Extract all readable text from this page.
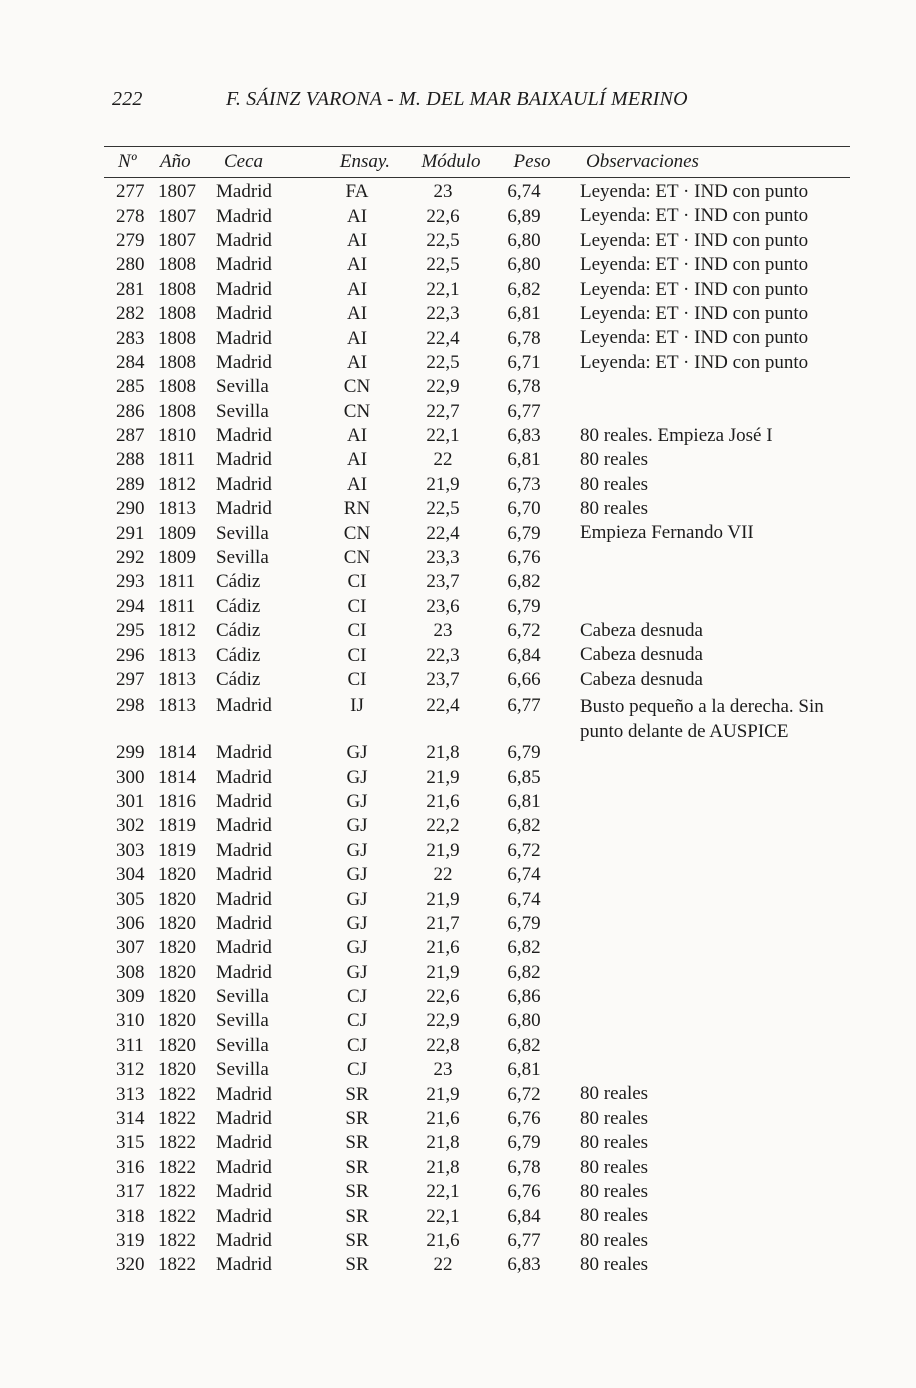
222	F. SÁINZ VARONA - M. DEL MAR BAIXAULÍ MERINO
Nº	Año	Ceca	Ensay.	Módulo	Peso	Observaciones
277 1807	Madrid	FA	23	6,74	Leyenda: ET · IND con punto
278 1807	Madrid	AI	22,6	6,89	Leyenda: ET · IND con punto
279 1807	Madrid	AI	22,5	6,80	Leyenda: ET · IND con punto
280 1808	Madrid	AI	22,5	6,80	Leyenda: ET · IND con punto
281 1808	Madrid	AI	22,1	6,82	Leyenda: ET · IND con punto
282 1808	Madrid	AI	22,3	6,81	Leyenda: ET · IND con punto
283 1808	Madrid	AI	22,4	6,78	Leyenda: ET · IND con punto
284 1808	Madrid	AI	22,5	6,71	Leyenda: ET · IND con punto
285 1808	Sevilla	CN	22,9	6,78
286 1808	Sevilla	CN	22,7	6,77
287 1810	Madrid	AI	22,1	6,83	80 reales. Empieza José I
288 1811	Madrid	AI	22	6,81	80 reales
289 1812	Madrid	AI	21,9	6,73	80 reales
290 1813	Madrid	RN	22,5	6,70	80 reales
291 1809	Sevilla	CN	22,4	6,79	Empieza Fernando VII
292 1809	Sevilla	CN	23,3	6,76
293 1811	Cádiz	CI	23,7	6,82
294 1811	Cádiz	CI	23,6	6,79
295 1812	Cádiz	CI	23	6,72	Cabeza desnuda
296 1813	Cádiz	CI	22,3	6,84	Cabeza desnuda
297 1813	Cádiz	CI	23,7	6,66	Cabeza desnuda
298 1813	Madrid	IJ	22,4	6,77	Busto pequeño a la derecha. Sin punto delante de AUSPICE
299 1814	Madrid	GJ	21,8	6,79
300 1814	Madrid	GJ	21,9	6,85
301 1816	Madrid	GJ	21,6	6,81
302 1819	Madrid	GJ	22,2	6,82
303 1819	Madrid	GJ	21,9	6,72
304 1820	Madrid	GJ	22	6,74
305 1820	Madrid	GJ	21,9	6,74
306 1820	Madrid	GJ	21,7	6,79
307 1820	Madrid	GJ	21,6	6,82
308 1820	Madrid	GJ	21,9	6,82
309 1820	Sevilla	CJ	22,6	6,86
310 1820	Sevilla	CJ	22,9	6,80
311 1820	Sevilla	CJ	22,8	6,82
312 1820	Sevilla	CJ	23	6,81
313 1822	Madrid	SR	21,9	6,72	80 reales
314 1822	Madrid	SR	21,6	6,76	80 reales
315 1822	Madrid	SR	21,8	6,79	80 reales
316 1822	Madrid	SR	21,8	6,78	80 reales
317 1822	Madrid	SR	22,1	6,76	80 reales
318 1822	Madrid	SR	22,1	6,84	80 reales
319 1822	Madrid	SR	21,6	6,77	80 reales
320 1822	Madrid	SR	22	6,83	80 reales
